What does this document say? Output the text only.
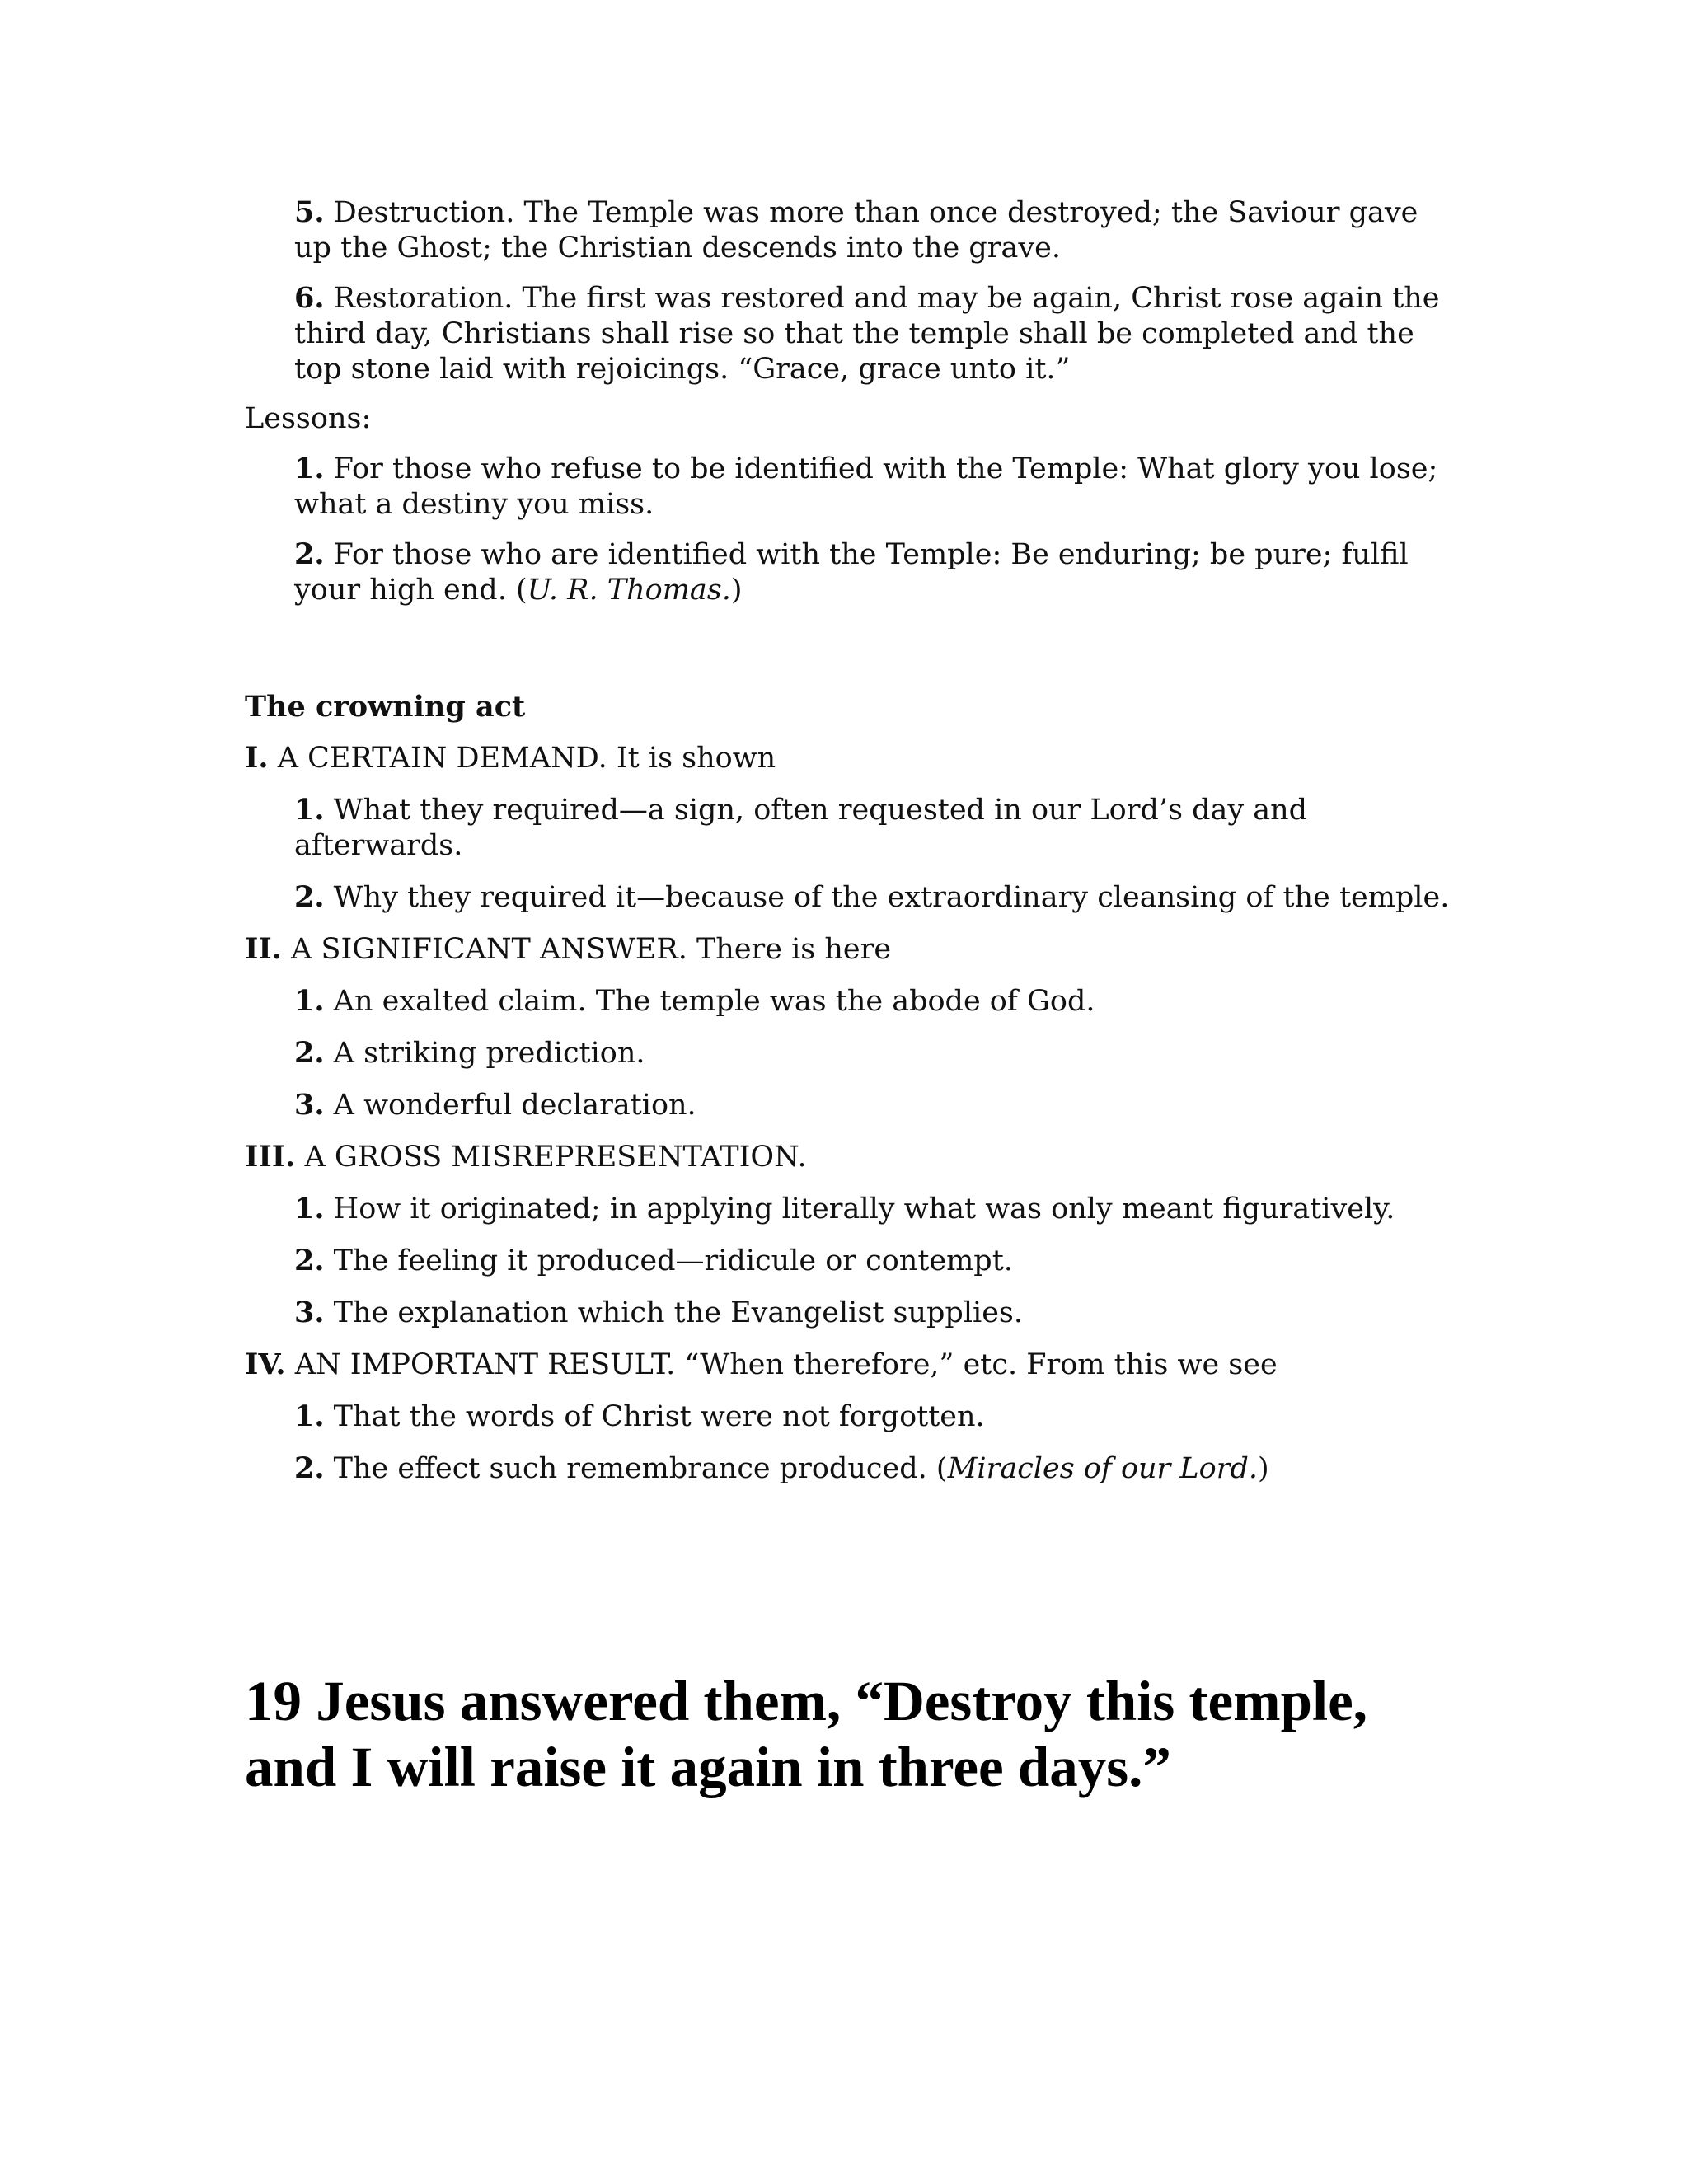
5. Destruction. The Temple was more than once destroyed; the Saviour gave up the Ghost; the Christian descends into the grave.

6. Restoration. The first was restored and may be again, Christ rose again the third day, Christians shall rise so that the temple shall be completed and the top stone laid with rejoicings. “Grace, grace unto it.”

Lessons:

1. For those who refuse to be identified with the Temple: What glory you lose; what a destiny you miss.

2. For those who are identified with the Temple: Be enduring; be pure; fulfil your high end. (U. R. Thomas.)

The crowning act

I. A CERTAIN DEMAND. It is shown

1. What they required—a sign, often requested in our Lord’s day and afterwards.

2. Why they required it—because of the extraordinary cleansing of the temple.

II. A SIGNIFICANT ANSWER. There is here

1. An exalted claim. The temple was the abode of God.

2. A striking prediction.

3. A wonderful declaration.

III. A GROSS MISREPRESENTATION.

1. How it originated; in applying literally what was only meant figuratively.

2. The feeling it produced—ridicule or contempt.

3. The explanation which the Evangelist supplies.

IV. AN IMPORTANT RESULT. “When therefore,” etc. From this we see

1. That the words of Christ were not forgotten.

2. The effect such remembrance produced. (Miracles of our Lord.)

19 Jesus answered them, “Destroy this temple,
and I will raise it again in three days.”
